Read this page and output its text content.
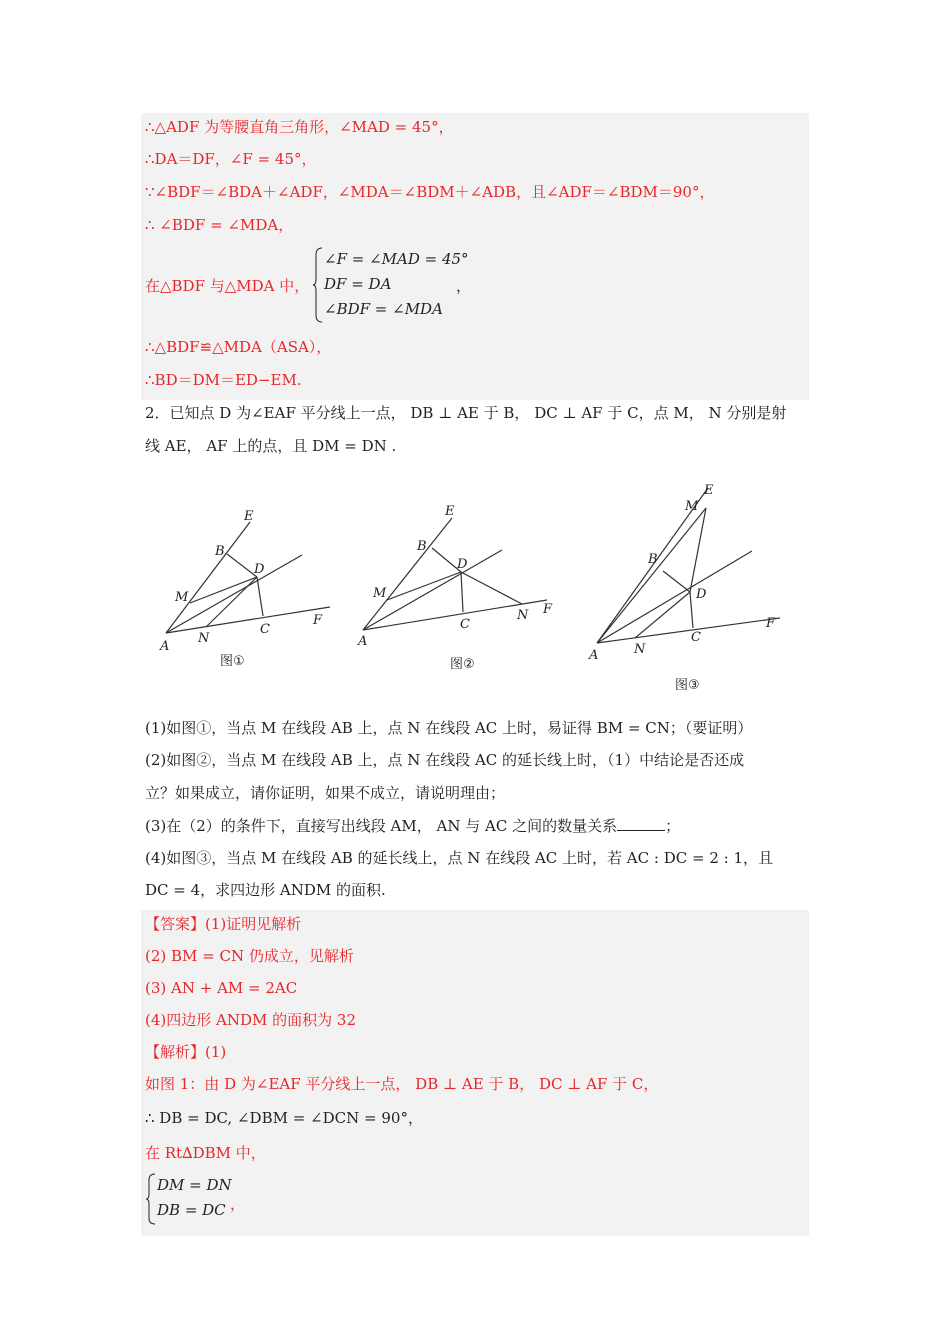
∴△ADF 为等腰直角三角形，∠MAD = 45°，
∴DA＝DF，∠F = 45°，
∵∠BDF＝∠BDA＋∠ADF，∠MDA＝∠BDM＋∠ADB，且∠ADF＝∠BDM＝90°，
∴ ∠BDF = ∠MDA，
在△BDF 与△MDA 中，
∠F = ∠MAD = 45°
DF = DA
∠BDF = ∠MDA
，
∴△BDF≌△MDA（ASA），
∴BD＝DM＝ED−EM.
2．已知点 D 为∠EAF 平分线上一点， DB ⊥ AE 于 B， DC ⊥ AF 于 C，点 M， N 分别是射
线 AE， AF 上的点，且 DM = DN .
E
B
D
M
N
C
F
A
图①
E
B
D
M
N F
C
A
图②
E
M
B
D
C
F
A	N
图③
(1)如图①，当点 M 在线段 AB 上，点 N 在线段 AC 上时，易证得 BM = CN；（要证明）
(2)如图②，当点 M 在线段 AB 上，点 N 在线段 AC 的延长线上时，（1）中结论是否还成
立？如果成立，请你证明，如果不成立，请说明理由；
(3)在（2）的条件下，直接写出线段 AM， AN 与 AC 之间的数量关系	；
(4)如图③，当点 M 在线段 AB 的延长线上，点 N 在线段 AC 上时，若 AC : DC = 2 : 1，且
DC = 4，求四边形 ANDM 的面积.
【答案】(1)证明见解析
(2) BM = CN 仍成立，见解析
(3) AN + AM = 2AC
(4)四边形 ANDM 的面积为 32
【解析】(1)
如图 1：由 D 为∠EAF 平分线上一点， DB ⊥ AE 于 B， DC ⊥ AF 于 C，
∴ DB = DC, ∠DBM = ∠DCN = 90°，
在 Rt∆DBM 中，
DM = DN
DB = DC ，
